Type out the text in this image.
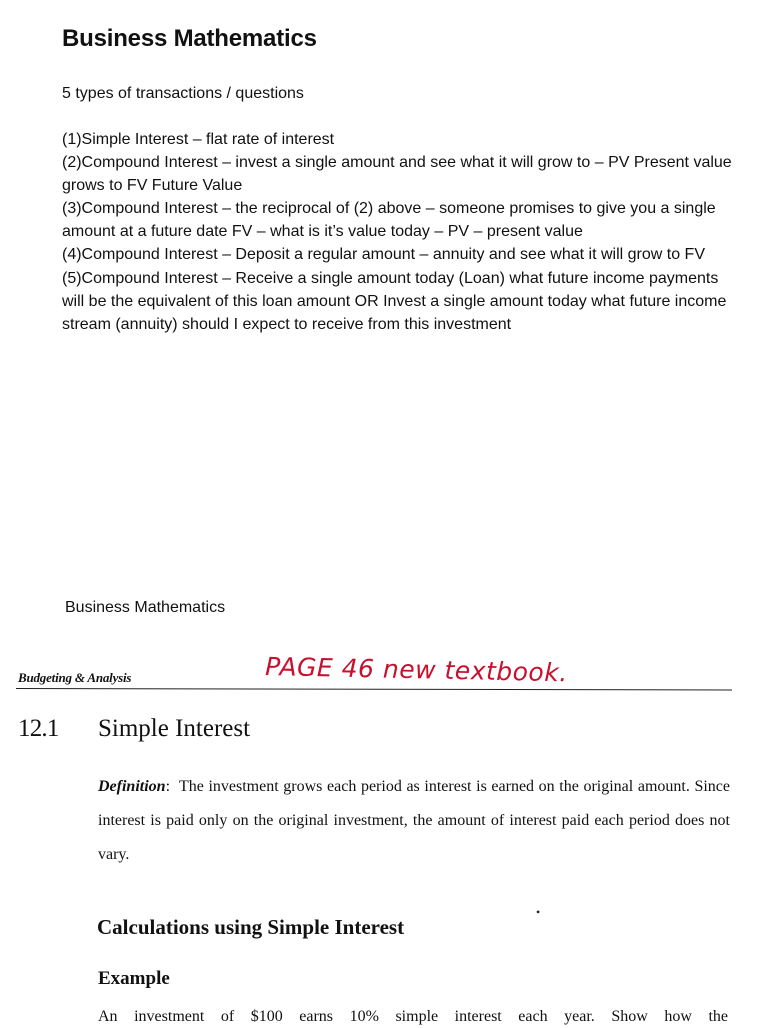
Business Mathematics

5 types of transactions / questions

(1)Simple Interest – flat rate of interest

(2)Compound Interest – invest a single amount and see what it will grow to – PV Present value grows to FV Future Value

(3)Compound Interest – the reciprocal of (2) above – someone promises to give you a single amount at a future date FV – what is it’s value today – PV – present value

(4)Compound Interest – Deposit a regular amount – annuity and see what it will grow to FV

(5)Compound Interest – Receive a single amount today (Loan) what future income payments will be the equivalent of this loan amount OR Invest a single amount today what future income stream (annuity) should I expect to receive from this investment

Business Mathematics
PAGE 46 new textbook.
Budgeting & Analysis
12.1 Simple Interest

Definition:  The investment grows each period as interest is earned on the original amount. Since interest is paid only on the original investment, the amount of interest paid each period does not vary.

•
Calculations using Simple Interest
Example

An investment of $100 earns 10% simple interest each year. Show how the
